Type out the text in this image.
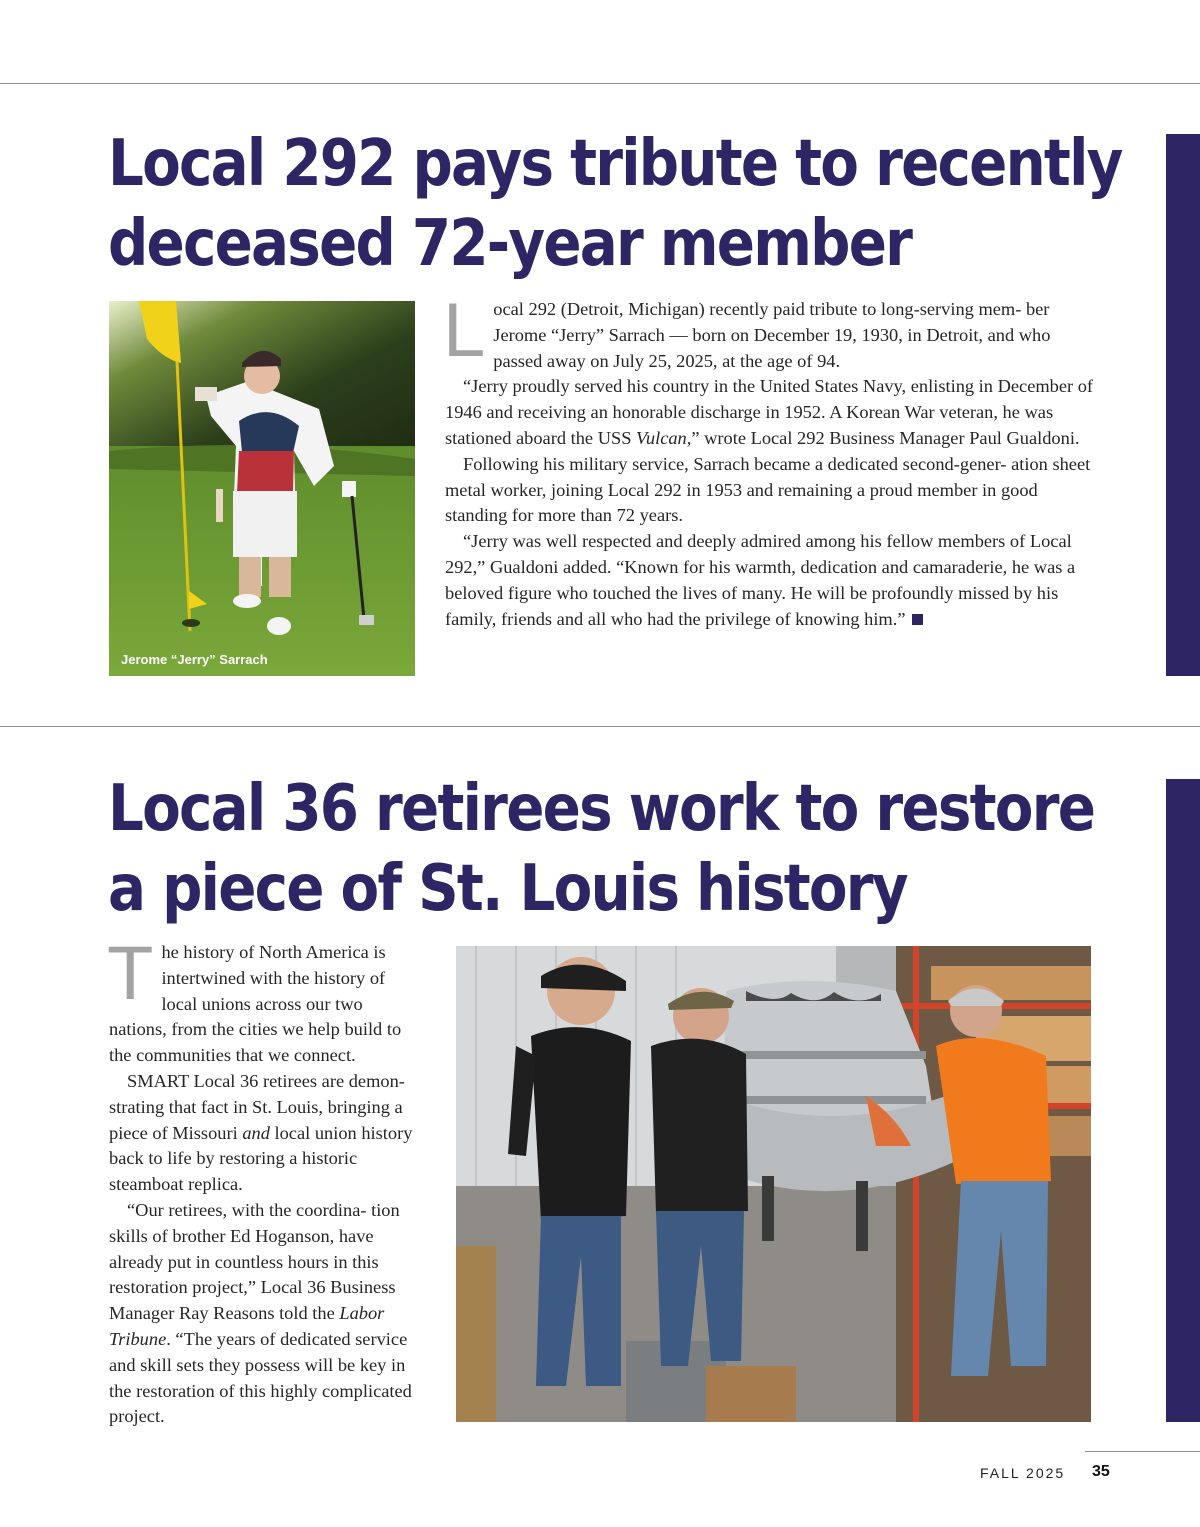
Local 292 pays tribute to recently
deceased 72-year member
Jerome “Jerry” Sarrach

Local 292 (Detroit, Michigan) recently paid tribute to long-serving mem- ber Jerome “Jerry” Sarrach — born on December 19, 1930, in Detroit, and who passed away on July 25, 2025, at the age of 94.

“Jerry proudly served his country in the United States Navy, enlisting in December of 1946 and receiving an honorable discharge in 1952. A Korean War veteran, he was stationed aboard the USS Vulcan,” wrote Local 292 Business Manager Paul Gualdoni.

Following his military service, Sarrach became a dedicated second-gener- ation sheet metal worker, joining Local 292 in 1953 and remaining a proud member in good standing for more than 72 years.

“Jerry was well respected and deeply admired among his fellow members of Local 292,” Gualdoni added. “Known for his warmth, dedication and camaraderie, he was a beloved figure who touched the lives of many. He will be profoundly missed by his family, friends and all who had the privilege of knowing him.”

Local 36 retirees work to restore
a piece of St. Louis history

The history of North America is intertwined with the history of local unions across our two nations, from the cities we help build to the communities that we connect.

SMART Local 36 retirees are demon- strating that fact in St. Louis, bringing a piece of Missouri and local union history back to life by restoring a historic steamboat replica.

“Our retirees, with the coordina- tion skills of brother Ed Hoganson, have already put in countless hours in this restoration project,” Local 36 Business Manager Ray Reasons told the Labor Tribune. “The years of dedicated service and skill sets they possess will be key in the restoration of this highly complicated project.

FALL 2025 35
